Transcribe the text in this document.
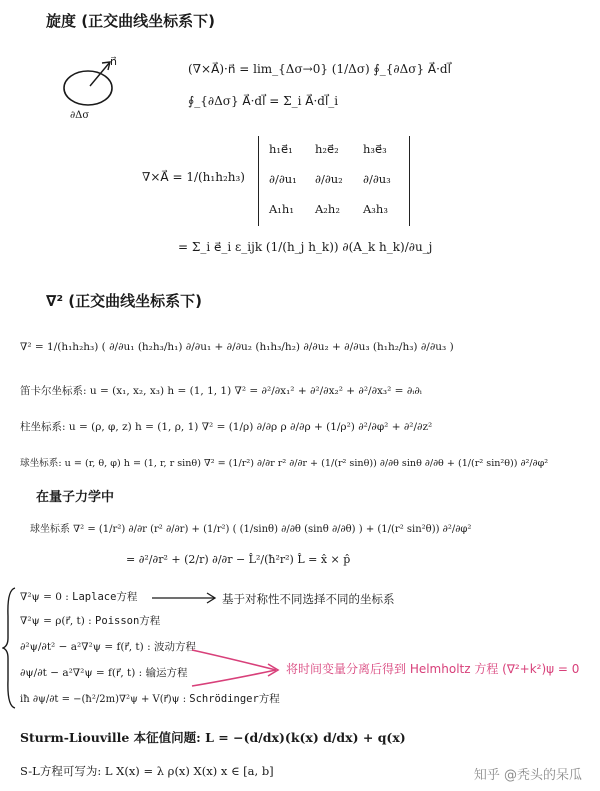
旋度 (正交曲线坐标系下)
n⃗
∂Δσ
(∇×A⃗)·n⃗ = lim_{Δσ→0} (1/Δσ) ∮_{∂Δσ} A⃗·dl⃗
∮_{∂Δσ} A⃗·dl⃗ = Σ_i A⃗·dl⃗_i
∇×A⃗ = 1/(h₁h₂h₃)
h₁e⃗₁ h₂e⃗₂ h₃e⃗₃
∂/∂u₁ ∂/∂u₂ ∂/∂u₃
A₁h₁ A₂h₂ A₃h₃
= Σ_i e⃗_i ε_ijk (1/(h_j h_k)) ∂(A_k h_k)/∂u_j
∇² (正交曲线坐标系下)
∇² = 1/(h₁h₂h₃) ( ∂/∂u₁ (h₂h₃/h₁) ∂/∂u₁ + ∂/∂u₂ (h₁h₃/h₂) ∂/∂u₂ + ∂/∂u₃ (h₁h₂/h₃) ∂/∂u₃ )
笛卡尔坐标系: u = (x₁, x₂, x₃) h = (1, 1, 1) ∇² = ∂²/∂x₁² + ∂²/∂x₂² + ∂²/∂x₃² = ∂ᵢ∂ᵢ
柱坐标系: u = (ρ, φ, z) h = (1, ρ, 1) ∇² = (1/ρ) ∂/∂ρ ρ ∂/∂ρ + (1/ρ²) ∂²/∂φ² + ∂²/∂z²
球坐标系: u = (r, θ, φ) h = (1, r, r sinθ) ∇² = (1/r²) ∂/∂r r² ∂/∂r + (1/(r² sinθ)) ∂/∂θ sinθ ∂/∂θ + (1/(r² sin²θ)) ∂²/∂φ²
在量子力学中
球坐标系 ∇² = (1/r²) ∂/∂r (r² ∂/∂r) + (1/r²) ( (1/sinθ) ∂/∂θ (sinθ ∂/∂θ) ) + (1/(r² sin²θ)) ∂²/∂φ²
= ∂²/∂r² + (2/r) ∂/∂r − L̂²/(ħ²r²) L̂ = x̂ × p̂
∇²ψ = 0 : Laplace方程
∇²ψ = ρ(r⃗, t) : Poisson方程
∂²ψ/∂t² − a²∇²ψ = f(r⃗, t) : 波动方程
∂ψ/∂t − a²∇²ψ = f(r⃗, t) : 输运方程
iħ ∂ψ/∂t = −(ħ²/2m)∇²ψ + V(r⃗)ψ : Schrödinger方程
基于对称性不同选择不同的坐标系
将时间变量分离后得到 Helmholtz 方程 (∇²+k²)ψ = 0
Sturm-Liouville 本征值问题: L = −(d/dx)(k(x) d/dx) + q(x)
S-L方程可写为: L X(x) = λ ρ(x) X(x) x ∈ [a, b]	知乎 @秃头的呆瓜
